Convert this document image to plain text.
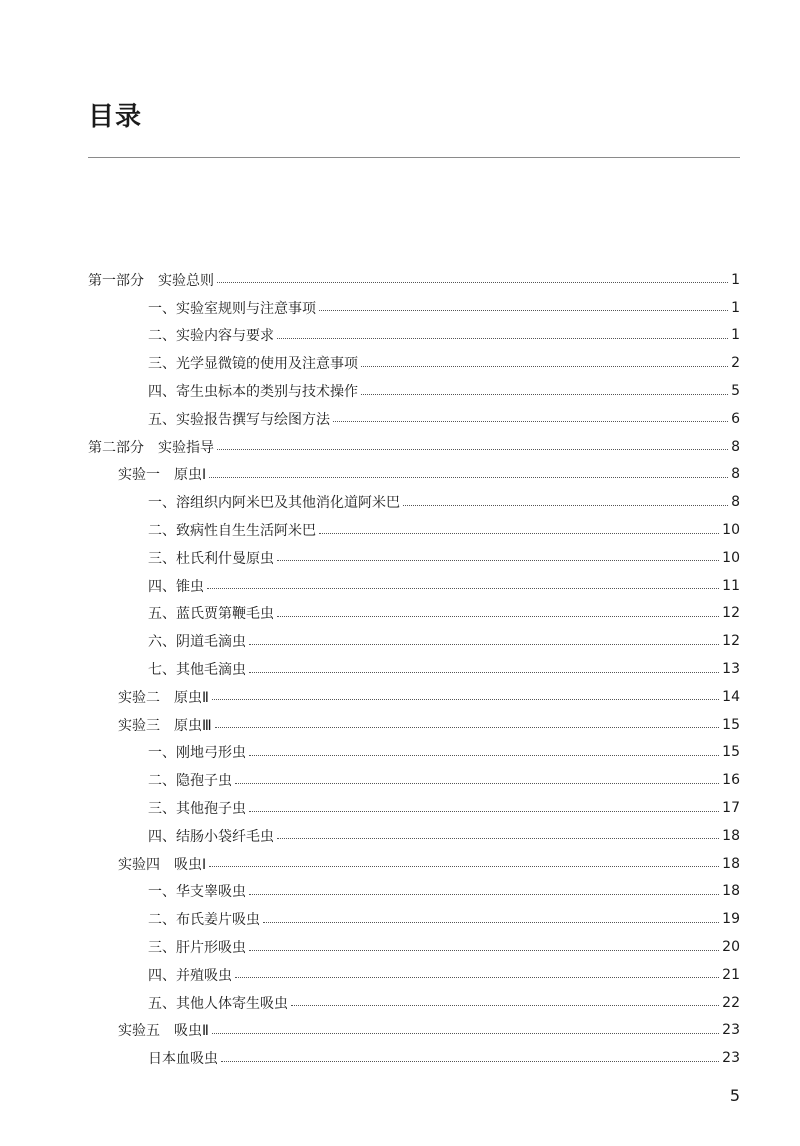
目录
第一部分　实验总则	1
一、实验室规则与注意事项	1
二、实验内容与要求	1
三、光学显微镜的使用及注意事项	2
四、寄生虫标本的类别与技术操作	5
五、实验报告撰写与绘图方法	6
第二部分　实验指导	8
实验一　原虫Ⅰ	8
一、溶组织内阿米巴及其他消化道阿米巴	8
二、致病性自生生活阿米巴	10
三、杜氏利什曼原虫	10
四、锥虫	11
五、蓝氏贾第鞭毛虫	12
六、阴道毛滴虫	12
七、其他毛滴虫	13
实验二　原虫Ⅱ	14
实验三　原虫Ⅲ	15
一、刚地弓形虫	15
二、隐孢子虫	16
三、其他孢子虫	17
四、结肠小袋纤毛虫	18
实验四　吸虫Ⅰ	18
一、华支睾吸虫	18
二、布氏姜片吸虫	19
三、肝片形吸虫	20
四、并殖吸虫	21
五、其他人体寄生吸虫	22
实验五　吸虫Ⅱ	23
日本血吸虫	23
5
